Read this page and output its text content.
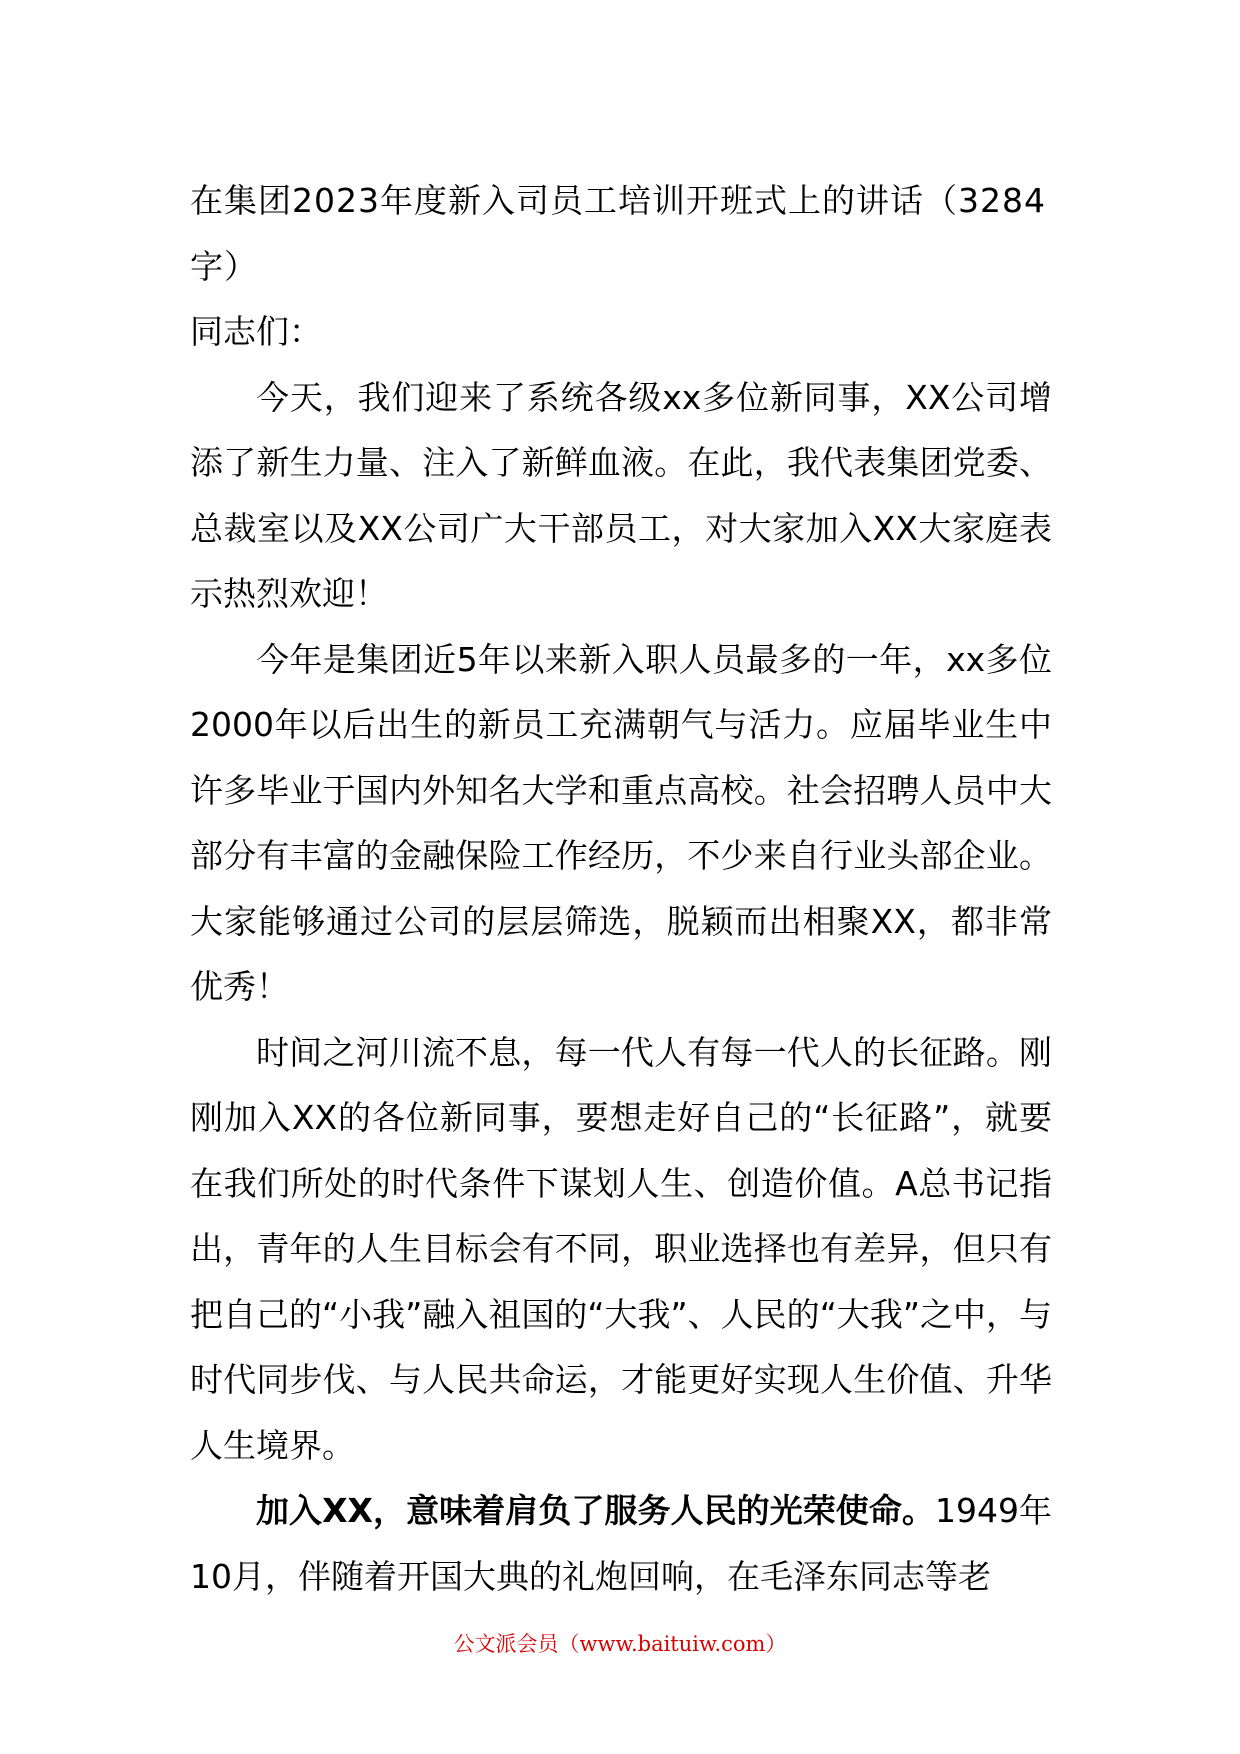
在集团2023年度新入司员工培训开班式上的讲话（3284字）

同志们：

今天，我们迎来了系统各级xx多位新同事，XX公司增添了新生力量、注入了新鲜血液。在此，我代表集团党委、总裁室以及XX公司广大干部员工，对大家加入XX大家庭表示热烈欢迎！

今年是集团近5年以来新入职人员最多的一年，xx多位2000年以后出生的新员工充满朝气与活力。应届毕业生中许多毕业于国内外知名大学和重点高校。社会招聘人员中大部分有丰富的金融保险工作经历，不少来自行业头部企业。大家能够通过公司的层层筛选，脱颖而出相聚XX，都非常优秀！

时间之河川流不息，每一代人有每一代人的长征路。刚刚加入XX的各位新同事，要想走好自己的“长征路”，就要在我们所处的时代条件下谋划人生、创造价值。A总书记指出，青年的人生目标会有不同，职业选择也有差异，但只有把自己的“小我”融入祖国的“大我”、人民的“大我”之中，与时代同步伐、与人民共命运，才能更好实现人生价值、升华人生境界。

加入XX，意味着肩负了服务人民的光荣使命。1949年10月，伴随着开国大典的礼炮回响，在毛泽东同志等老

公文派会员（www.baituiw.com）
